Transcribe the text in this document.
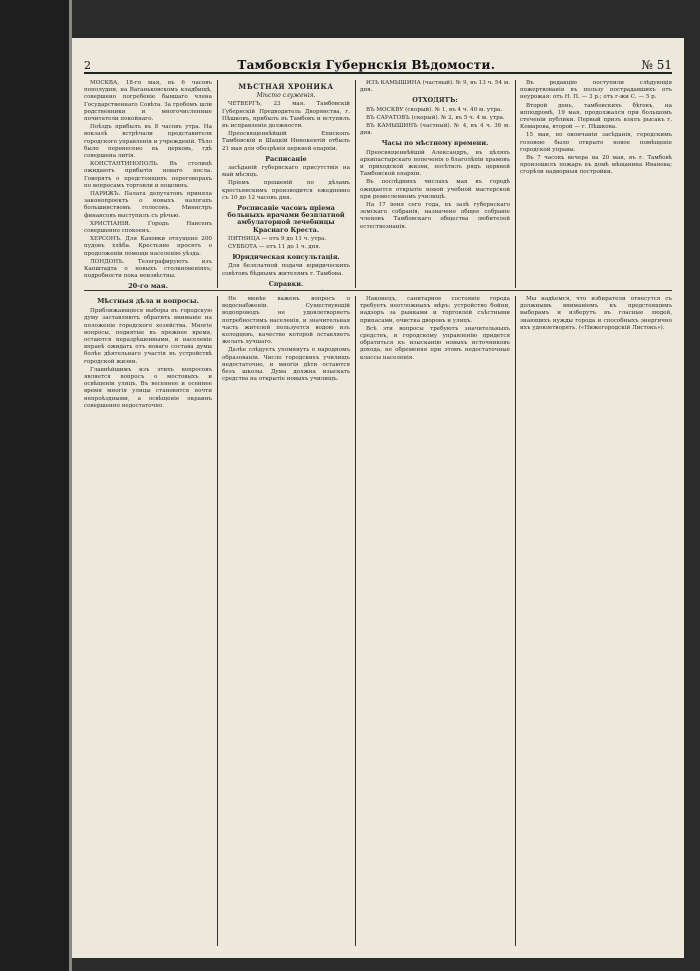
2	Тамбовскія Губернскія Вѣдомости.	№ 51

МОСКВА, 18-го мая, въ 6 часовъ пополудни, на Ваганьковскомъ кладбищѣ, совершено погребеніе бывшаго члена Государственнаго Совѣта. За гробомъ шли родственники и многочисленные почитатели покойнаго.

Поѣздъ прибылъ въ 8 часовъ утра. На вокзалѣ встрѣчали представители городского управленія и учрежденій. Тѣло было перенесено въ церковь, гдѣ совершена литія.

КОНСТАНТИНОПОЛЬ. Въ столицѣ ожидаютъ прибытія новаго посла. Говорятъ о предстоящихъ переговорахъ по вопросамъ торговли и пошлинъ.

ПАРИЖЪ. Палата депутатовъ приняла законопроектъ о новыхъ налогахъ большинствомъ голосовъ. Министръ финансовъ выступилъ съ рѣчью.

ХРИСТІАНІЯ. Городъ Нансенъ совершенно спокоенъ.

ХЕРСОНЪ. Для Каховки отпущено 200 пудовъ хлѣба. Крестьяне просятъ о продолженіи помощи населенію уѣзда.

ЛОНДОНЪ. Телеграфируютъ изъ Капштадта о новыхъ столкновеніяхъ; подробности пока неизвѣстны.

20-го мая.

МѢСТНАЯ ХРОНИКА
Мѣсто служенія.

ЧЕТВЕРГЪ, 23 мая. Тамбовскій Губернскій Предводитель Дворянства, г. Пѣшковъ, прибылъ въ Тамбовъ и вступилъ въ исправленіе должности.

Преосвященнѣйшій Епископъ Тамбовскій и Шацкій Иннокентій отбылъ 21 мая для обозрѣнія церквей епархіи.

Расписаніе

засѣданій губернскаго присутствія на май мѣсяцъ.

Пріемъ прошеній по дѣламъ крестьянскимъ производится ежедневно съ 10 до 12 часовъ дня.

Росписаніе часовъ пріема больныхъ врачами безплатной амбулаторной лечебницы Краснаго Креста.

ПЯТНИЦА — отъ 9 до 11 ч. утра.

СУББОТА — отъ 11 до 1 ч. дня.

Юридическая консультація.

Для безплатной подачи юридическихъ совѣтовъ бѣднымъ жителямъ г. Тамбова.

Справки.

ИЗЪ КАМЫШИНА (частный). № 9, въ 13 ч. 54 м. дня.

ОТХОДЯТЪ:

ВЪ МОСКВУ (скорый). № 1, въ 4 ч. 40 м. утра.

ВЪ САРАТОВЪ (скорый). № 2, въ 5 ч. 4 м. утра.

ВЪ КАМЫШИНЪ (частный). № 4, въ 4 ч. 36 м. дня.

Часы по мѣстному времени.

Преосвященнѣйшій Александръ, въ цѣляхъ архипастырскаго попеченія о благолѣпіи храмовъ и приходской жизни, посѣтилъ рядъ церквей Тамбовской епархіи.

Въ послѣднихъ числахъ мая въ городѣ ожидается открытіе новой учебной мастерской при ремесленномъ училищѣ.

На 17 іюня сего года, въ залѣ губернскаго земскаго собранія, назначено общее собраніе членовъ Тамбовскаго общества любителей естествознанія.

Въ редакцію поступили слѣдующія пожертвованія въ пользу пострадавшихъ отъ неурожая: отъ Н. П. — 3 р.; отъ г-жи С. — 5 р.

Второй день, тамбовскихъ бѣговъ, на ипподромѣ, 19 мая, продолжался при большомъ стеченіи публики. Первый призъ взялъ рысакъ г. Комарова, второй — г. Пѣшкова.

15 мая, по окончаніи засѣданія, городскимъ головою было открыто новое помѣщеніе городской управы.

Въ 7 часовъ вечера на 20 мая, въ г. Тамбовѣ произошелъ пожаръ въ домѣ мѣщанина Иванова; сгорѣли надворныя постройки.

Мѣстныя дѣла и вопросы.

Приближающіеся выборы въ городскую думу заставляютъ обратить вниманіе на положеніе городского хозяйства. Многіе вопросы, поднятые въ прежнее время, остаются неразрѣшенными, и населеніе вправѣ ожидать отъ новаго состава думы болѣе дѣятельнаго участія въ устройствѣ городской жизни.

Главнѣйшимъ изъ этихъ вопросовъ является вопросъ о мостовыхъ и освѣщеніи улицъ. Въ весеннее и осеннее время многія улицы становятся почти непроѣздными, а освѣщеніе окраинъ совершенно недостаточно.

Не менѣе важенъ вопросъ о водоснабженіи. Существующій водопроводъ не удовлетворяетъ потребностямъ населенія, и значительная часть жителей пользуется водою изъ колодцевъ, качество которой оставляетъ желать лучшаго.

Далѣе слѣдуетъ упомянуть о народномъ образованіи. Число городскихъ училищъ недостаточно, и многія дѣти остаются безъ школы. Дума должна изыскать средства на открытіе новыхъ училищъ.

Наконецъ, санитарное состояніе города требуетъ неотложныхъ мѣръ: устройство бойни, надзоръ за рынками и торговлей съѣстными припасами, очистка дворовъ и улицъ.

Всѣ эти вопросы требуютъ значительныхъ средствъ, и городскому управленію придется обратиться къ изысканію новыхъ источниковъ дохода, не обременяя при этомъ недостаточные классы населенія.

Мы надѣемся, что избиратели отнесутся съ должнымъ вниманіемъ къ предстоящимъ выборамъ и изберутъ въ гласные людей, знающихъ нужды города и способныхъ энергично ихъ удовлетворять. («Нижегородскій Листокъ»).
